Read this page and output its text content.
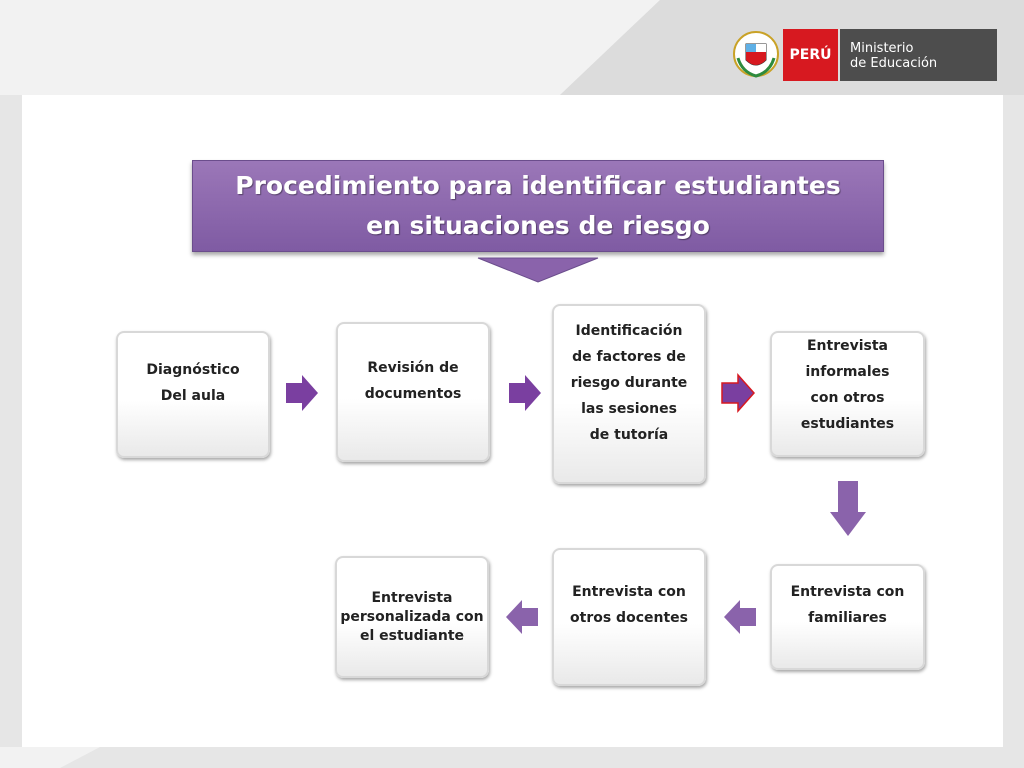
PERÚ	Ministerio
de Educación
Procedimiento para identificar estudiantes
en situaciones de riesgo
Diagnóstico
Del aula
Revisión de
documentos
Identificación
de factores de
riesgo durante
las sesiones
de tutoría
Entrevista
informales
con otros
estudiantes
Entrevista con
familiares
Entrevista con
otros docentes
Entrevista
personalizada con
el estudiante
